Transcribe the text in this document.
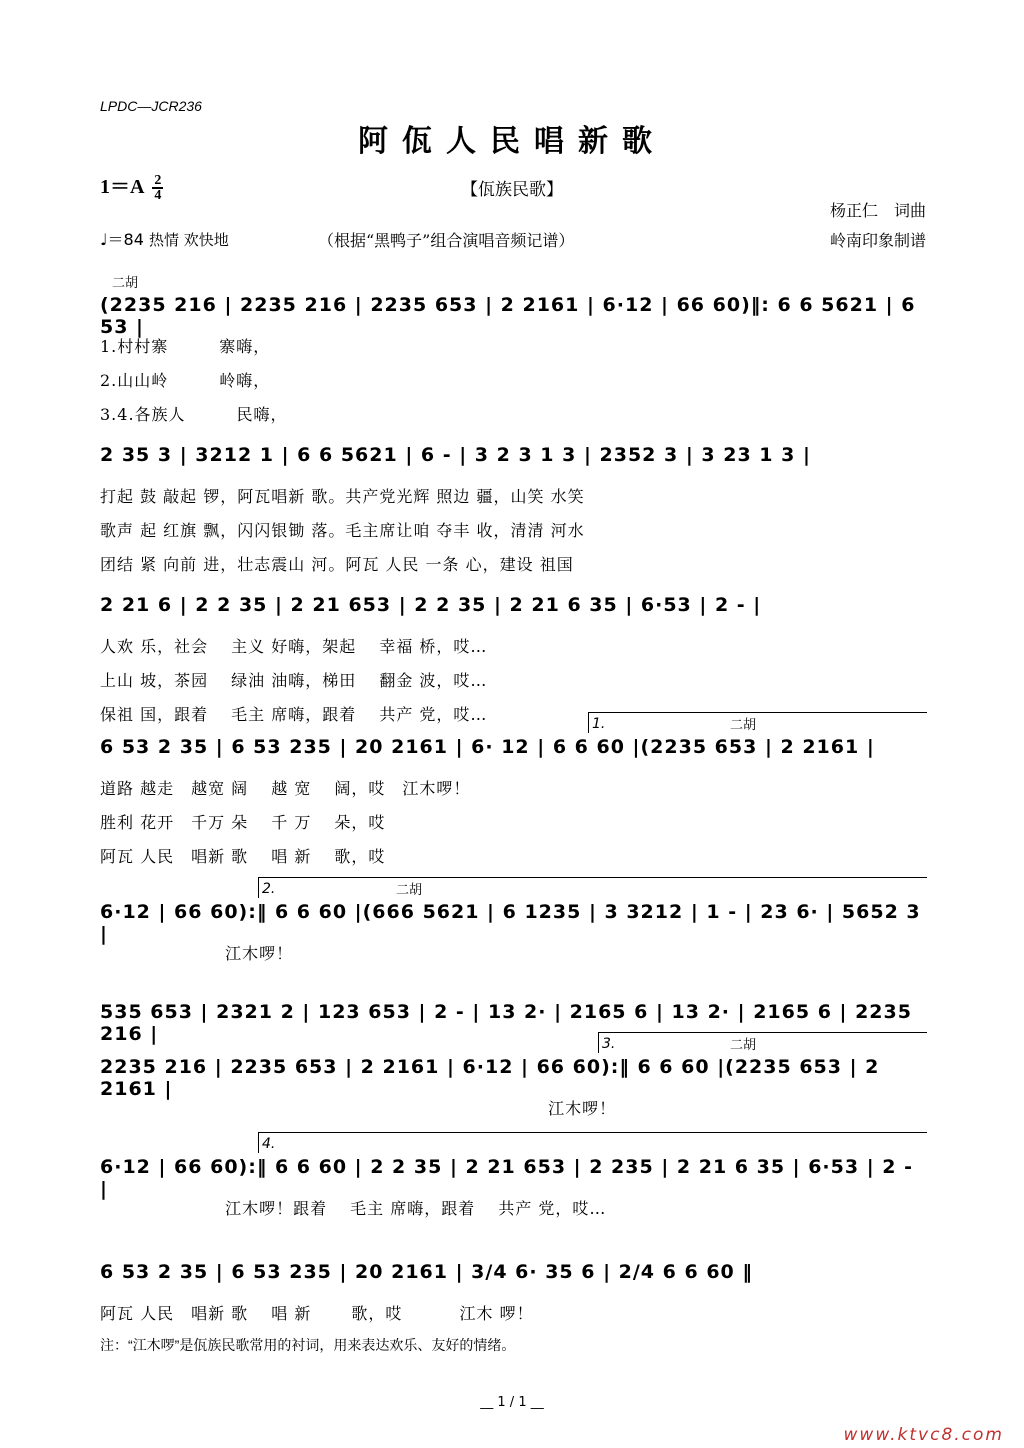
LPDC—JCR236
阿佤人民唱新歌
$1=A \frac{2}{4}$	【佤族民歌】
杨正仁　词曲
♩＝84 热情 欢快地	（根据“黑鸭子”组合演唱音频记谱）	岭南印象制谱
二胡
(2235 216 | 2235 216 | 2235 653 | 2 2161 | 6·12 | 66 60)‖: 6 6 5621 | 6 53 |
1.村村寨　　　寨嗨，
2.山山岭　　　岭嗨，
3.4.各族人　　　民嗨，
2 35 3 | 3212 1 | 6 6 5621 | 6 - | 3 2 3 1 3 | 2352 3 | 3 23 1 3 |
打起 鼓 敲起 锣，阿瓦唱新 歌。共产党光辉 照边 疆，山笑 水笑
歌声 起 红旗 飘，闪闪银锄 落。毛主席让咱 夺丰 收，清清 河水
团结 紧 向前 进，壮志震山 河。阿瓦 人民 一条 心，建设 祖国
2 21 6 | 2 2 35 | 2 21 653 | 2 2 35 | 2 21 6 35 | 6·53 | 2 - |
人欢 乐，社会　 主义 好嗨，架起　 幸福 桥，哎…
上山 坡，茶园　 绿油 油嗨，梯田　 翻金 波，哎…
保祖 国，跟着　 毛主 席嗨，跟着　 共产 党，哎…
二胡
1.
6 53 2 35 | 6 53 235 | 20 2161 | 6· 12 | 6 6 60 |(2235 653 | 2 2161 |
道路 越走　越宽 阔　 越 宽　 阔，哎　江木啰！
胜利 花开　千万 朵　 千 万　 朵，哎
阿瓦 人民　唱新 歌　 唱 新　 歌，哎
二胡
2.
6·12 | 66 60):‖ 6 6 60 |(666 5621 | 6 1235 | 3 3212 | 1 - | 23 6· | 5652 3 |
　　　　　　　 江木啰！
535 653 | 2321 2 | 123 653 | 2 - | 13 2· | 2165 6 | 13 2· | 2165 6 | 2235 216 |
二胡
3.
2235 216 | 2235 653 | 2 2161 | 6·12 | 66 60):‖ 6 6 60 |(2235 653 | 2 2161 |
　　　　　　　　　　　　　　　　　　　　　　　　　　 江木啰！
4.
6·12 | 66 60):‖ 6 6 60 | 2 2 35 | 2 21 653 | 2 235 | 2 21 6 35 | 6·53 | 2 - |
　　　　　　　 江木啰！跟着　 毛主 席嗨，跟着　 共产 党，哎…
6 53 2 35 | 6 53 235 | 20 2161 | 3/4 6· 35 6 | 2/4 6 6 60 ‖
阿瓦 人民　唱新 歌　 唱 新　　 歌，哎　　　 江木 啰！
注：“江木啰”是佤族民歌常用的衬词，用来表达欢乐、友好的情绪。
__ 1 / 1 __
www.ktvc8.com
